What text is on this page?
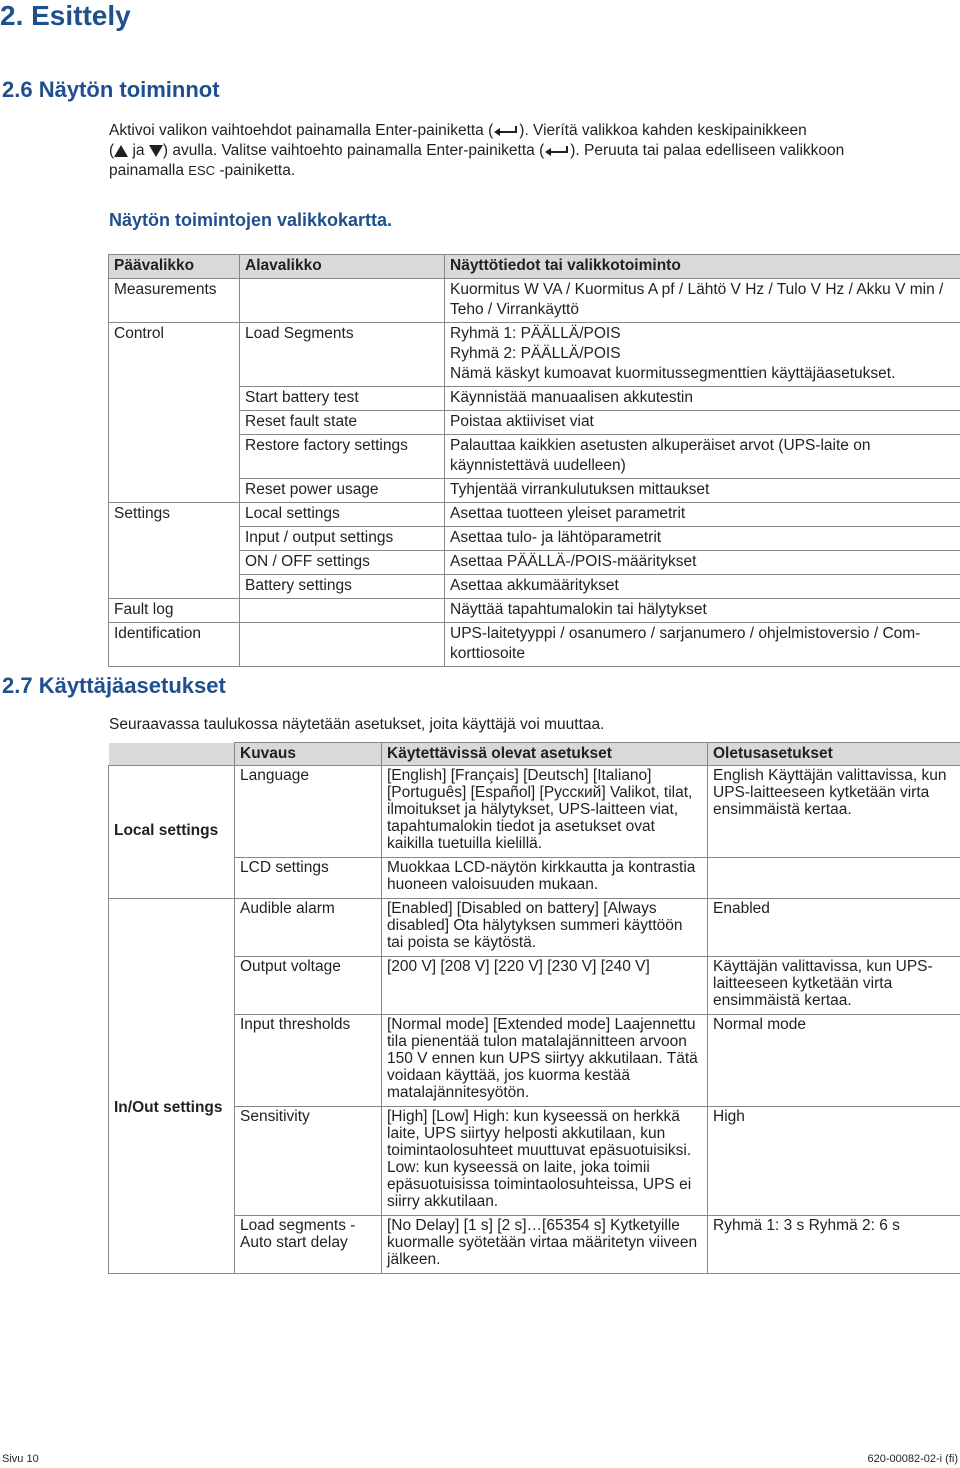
2. Esittely
2.6 Näytön toiminnot
Aktivoi valikon vaihtoehdot painamalla Enter-painiketta ( ). Vierítä valikkoa kahden keskipainikkeen
( ja ) avulla. Valitse vaihtoehto painamalla Enter-painiketta ( ). Peruuta tai palaa edelliseen valikkoon
painamalla ESC -painiketta.
Näytön toimintojen valikkokartta.
Päävalikko	Alavalikko	Näyttötiedot tai valikkotoiminto
Measurements		Kuormitus W VA / Kuormitus A pf / Lähtö V Hz / Tulo V Hz / Akku V min / Teho / Virrankäyttö
Control	Load Segments	Ryhmä 1: PÄÄLLÄ/POIS
Ryhmä 2: PÄÄLLÄ/POIS
Nämä käskyt kumoavat kuormitussegmenttien käyttäjäasetukset.

	Start battery test	Käynnistää manuaalisen akkutestin
	Reset fault state	Poistaa aktiiviset viat
	Restore factory settings	Palauttaa kaikkien asetusten alkuperäiset arvot (UPS-laite on käynnistettävä uudelleen)
	Reset power usage	Tyhjentää virrankulutuksen mittaukset
Settings	Local settings	Asettaa tuotteen yleiset parametrit
	Input / output settings	Asettaa tulo- ja lähtöparametrit
	ON / OFF settings	Asettaa PÄÄLLÄ-/POIS-määritykset
	Battery settings	Asettaa akkumääritykset
Fault log		Näyttää tapahtumalokin tai hälytykset
Identification		UPS-laitetyyppi / osanumero / sarjanumero / ohjelmistoversio / Com-korttiosoite
2.7 Käyttäjäasetukset
Seuraavassa taulukossa näytetään asetukset, joita käyttäjä voi muuttaa.
	Kuvaus	Käytettävissä olevat asetukset	Oletusasetukset
Local settings	Language	[English] [Français] [Deutsch] [Italiano] [Português] [Español] [Русский] Valikot, tilat, ilmoitukset ja hälytykset, UPS-laitteen viat, tapahtumalokin tiedot ja asetukset ovat kaikilla tuetuilla kielillä.	English Käyttäjän valittavissa, kun UPS-laitteeseen kytketään virta ensimmäistä kertaa.
	LCD settings	Muokkaa LCD-näytön kirkkautta ja kontrastia huoneen valoisuuden mukaan.	
In/Out settings	Audible alarm	[Enabled] [Disabled on battery] [Always disabled] Ota hälytyksen summeri käyttöön tai poista se käytöstä.	Enabled
	Output voltage	[200 V] [208 V] [220 V] [230 V] [240 V]	Käyttäjän valittavissa, kun UPS-laitteeseen kytketään virta ensimmäistä kertaa.
	Input thresholds	[Normal mode] [Extended mode] Laajennettu tila pienentää tulon matalajännitteen arvoon 150 V ennen kun UPS siirtyy akkutilaan. Tätä voidaan käyttää, jos kuorma kestää matalajännitesyötön.	Normal mode
	Sensitivity	[High] [Low] High: kun kyseessä on herkkä laite, UPS siirtyy helposti akkutilaan, kun toimintaolosuhteet muuttuvat epäsuotuisiksi. Low: kun kyseessä on laite, joka toimii epäsuotuisissa toimintaolosuhteissa, UPS ei siirry akkutilaan.	High
	Load segments - Auto start delay	[No Delay] [1 s] [2 s]…[65354 s] Kytketyille kuormalle syötetään virtaa määritetyn viiveen jälkeen.	Ryhmä 1: 3 s Ryhmä 2: 6 s
Sivu 10	620-00082-02-i (fi)
